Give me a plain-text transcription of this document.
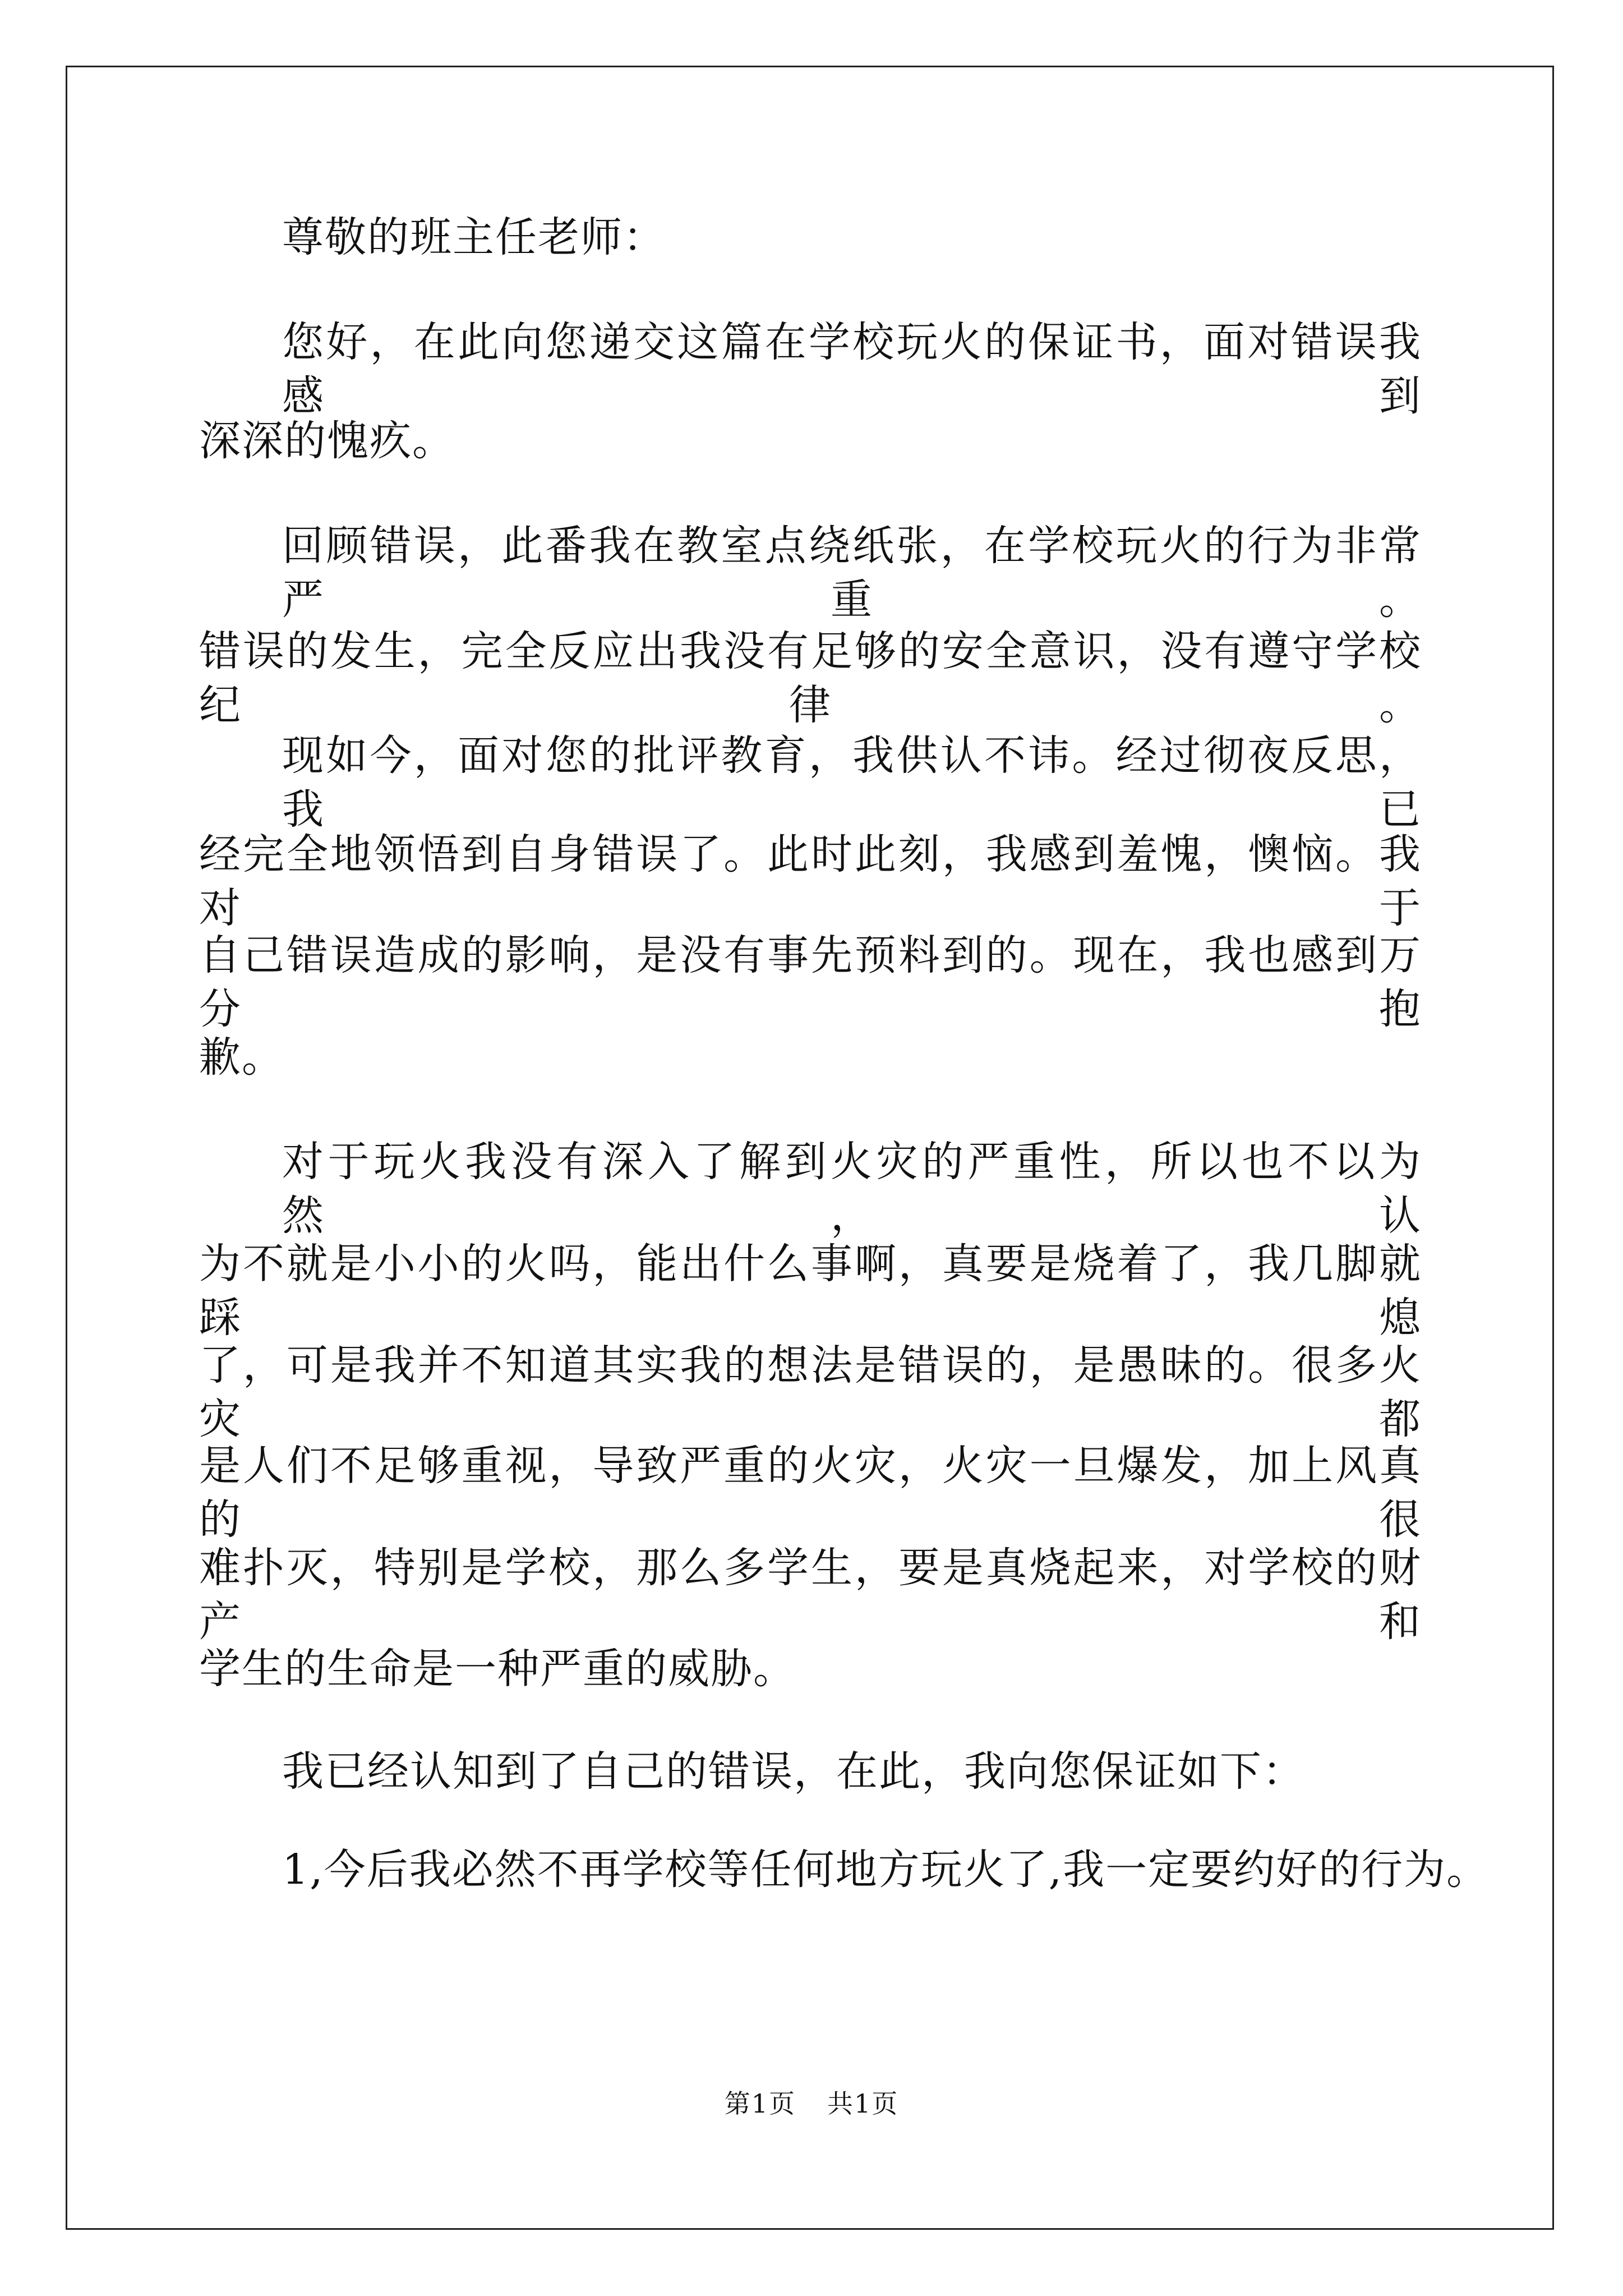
尊敬的班主任老师：
您好，在此向您递交这篇在学校玩火的保证书，面对错误我感到
深深的愧疚。
回顾错误，此番我在教室点绕纸张，在学校玩火的行为非常严重。
错误的发生，完全反应出我没有足够的安全意识，没有遵守学校纪律。
现如今，面对您的批评教育，我供认不讳。经过彻夜反思，我已
经完全地领悟到自身错误了。此时此刻，我感到羞愧，懊恼。我对于
自己错误造成的影响，是没有事先预料到的。现在，我也感到万分抱
歉。
对于玩火我没有深入了解到火灾的严重性，所以也不以为然，认
为不就是小小的火吗，能出什么事啊，真要是烧着了，我几脚就踩熄
了，可是我并不知道其实我的想法是错误的，是愚昧的。很多火灾都
是人们不足够重视，导致严重的火灾，火灾一旦爆发，加上风真的很
难扑灭，特别是学校，那么多学生，要是真烧起来，对学校的财产和
学生的生命是一种严重的威胁。
我已经认知到了自己的错误，在此，我向您保证如下：
1,今后我必然不再学校等任何地方玩火了,我一定要约好的行为。
第1页 共1页
